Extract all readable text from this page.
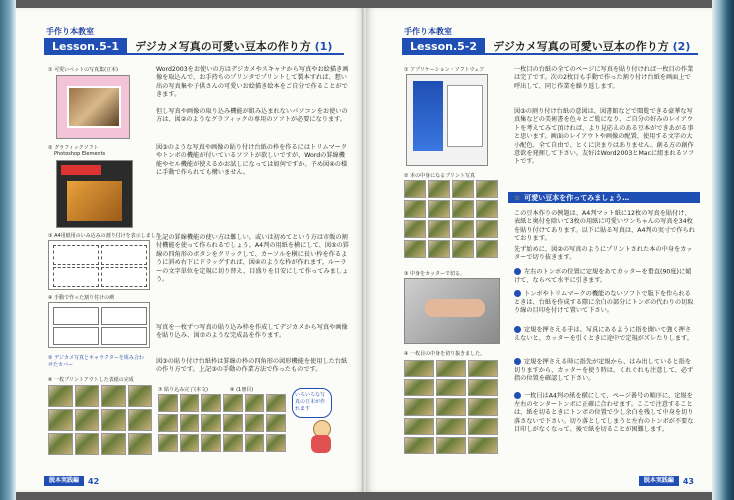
手作り本教室
Lesson.5-1	デジカメ写真の可愛い豆本の作り方 (1)
① 可愛いペットの写真集(豆本)
② グラフィックソフト
Photoshop Elements
③ A4用紙用のいみ込みの割り付けを表示しました
④ 手動で作った割り付けの例
⑤ デジカメ写真とキャラクターを組み合わせたカバー
⑥ 一枚プリントアウトした表紙の完成
Word2003をお使いの方はデジカメやスキャナから写真やお絵描き画像を取込んで、お手持ちのプリンタでプリントして製本すれば、想い出の写真集や子供さんの可愛いお絵描き絵本をご自分で作ることができます。
但し写真や画像の取り込み機能が組み込まれないパソコンをお使いの方は、図②のようなグラフィックの専用のソフトが必要になります。
図③のような写真や画像の貼り付け台紙の枠を作るにはトリムマークやトンボの機能が付いているソフトが欲しいですが、Wordの罫線機能やセル機能が使えるかお試しになっては如何ですか。予め図④の様に手動で作られても構いません。
上記の罫線機能の使い方は難しい。或いは初めてという方は市販の割付機能を使って作られるでしょう。A4判の用紙を横にして、図⑤の罫線の四角形のボタンをクリックして、カーソルを横に長い枠を作るように斜め右下にドラッグすれば、図④のような枠が作れます。ルーラーの文字単位を定規に切り替え、目盛りを目安にして作ってみましょう。
写真を一枚ずつ写真の貼り込み枠を作成してデジカメから写真や画像を貼り込み、図⑦のような完成品を作ります。
図③の貼り付け台紙枠は罫線の枠の四角形の図形機能を使用した台紙の作り方です。上記③の手動の作業方法で作ったものです。
⑦ 貼り込み完了(本文)	⑧ (1冊目)
いろいろな写真の豆本が作れます
脱本実践編	42
手作り本教室
Lesson.5-2	デジカメ写真の可愛い豆本の作り方 (2)
① アプリケーション・ソフトウェア
② 本の中身になるプリント写真
③ 中身をカッターで切る。
④ 一枚目の中身を切り抜きました。
一枚目の台紙の全てのページに写真を貼り付ければ一枚目の作業は完了です。次の2枚目も手動で作った割り付け台紙を画面上で呼出して、同じ作業を繰り返します。
図③の割り付け台紙の意図は、図書館などで閲覧できる豪華な写真集などの美術書を色々とご覧になり、ご自分の好みのレイアウトを考えてみて頂ければ、より見応えのある豆本ができあがる事と思います。画面のレイアウトや画像の配置、使用する文字の大小配色、全て自由で、とくに決まりはありません。創る方の創作意欲を発揮して下さい。友好はWord2003とMacに組まれるソフトです。
☆ 可愛い豆本を作ってみましょう…
この豆本作りの例題は、A4判マット紙に12枚の写真を貼付け、表紙と奥付を除いて3枚の用紙に可愛いワンちゃんの写真を34枚を貼り付けてあります。以下に貼る写真は、A4判の実寸で作られております。
先ず始めに、図②の写真のようにプリントされた本の中身をカッターで切り抜きます。
左右のトンボの位置に定規をあてカッターを垂直(90度)に傾けて、ならべて水平に引きます。
トンボやトリムマークの機能のないソフトで版下を作られるときは、台紙を作成する際に余白の部分にトンボの代わりの切取り線の目印を付けて置いて下さい。
定規を押さえる手は、写真にあるように指を開いて強く押さえないと、カッターを引くときに途中で定規がズレたりします。
定規を押さえる時に指先が定規から、はみ出していると指を切りますから、カッターを使う時は、くれぐれも注意して、必ず指の位置を確認して下さい。
一枚目はA4判の紙を横にして、ページ番号の順序に、定規を左右のセンタートンボに正確に合わせます。ここで注意することは、紙を切るときにトンボの位置で少し余白を残して中身を切り落さないで下さい。切り落としてしまうと左右のトンボが不要な目印しがなくなって、後で紙を切ることが困難します。
脱本実践編	43
